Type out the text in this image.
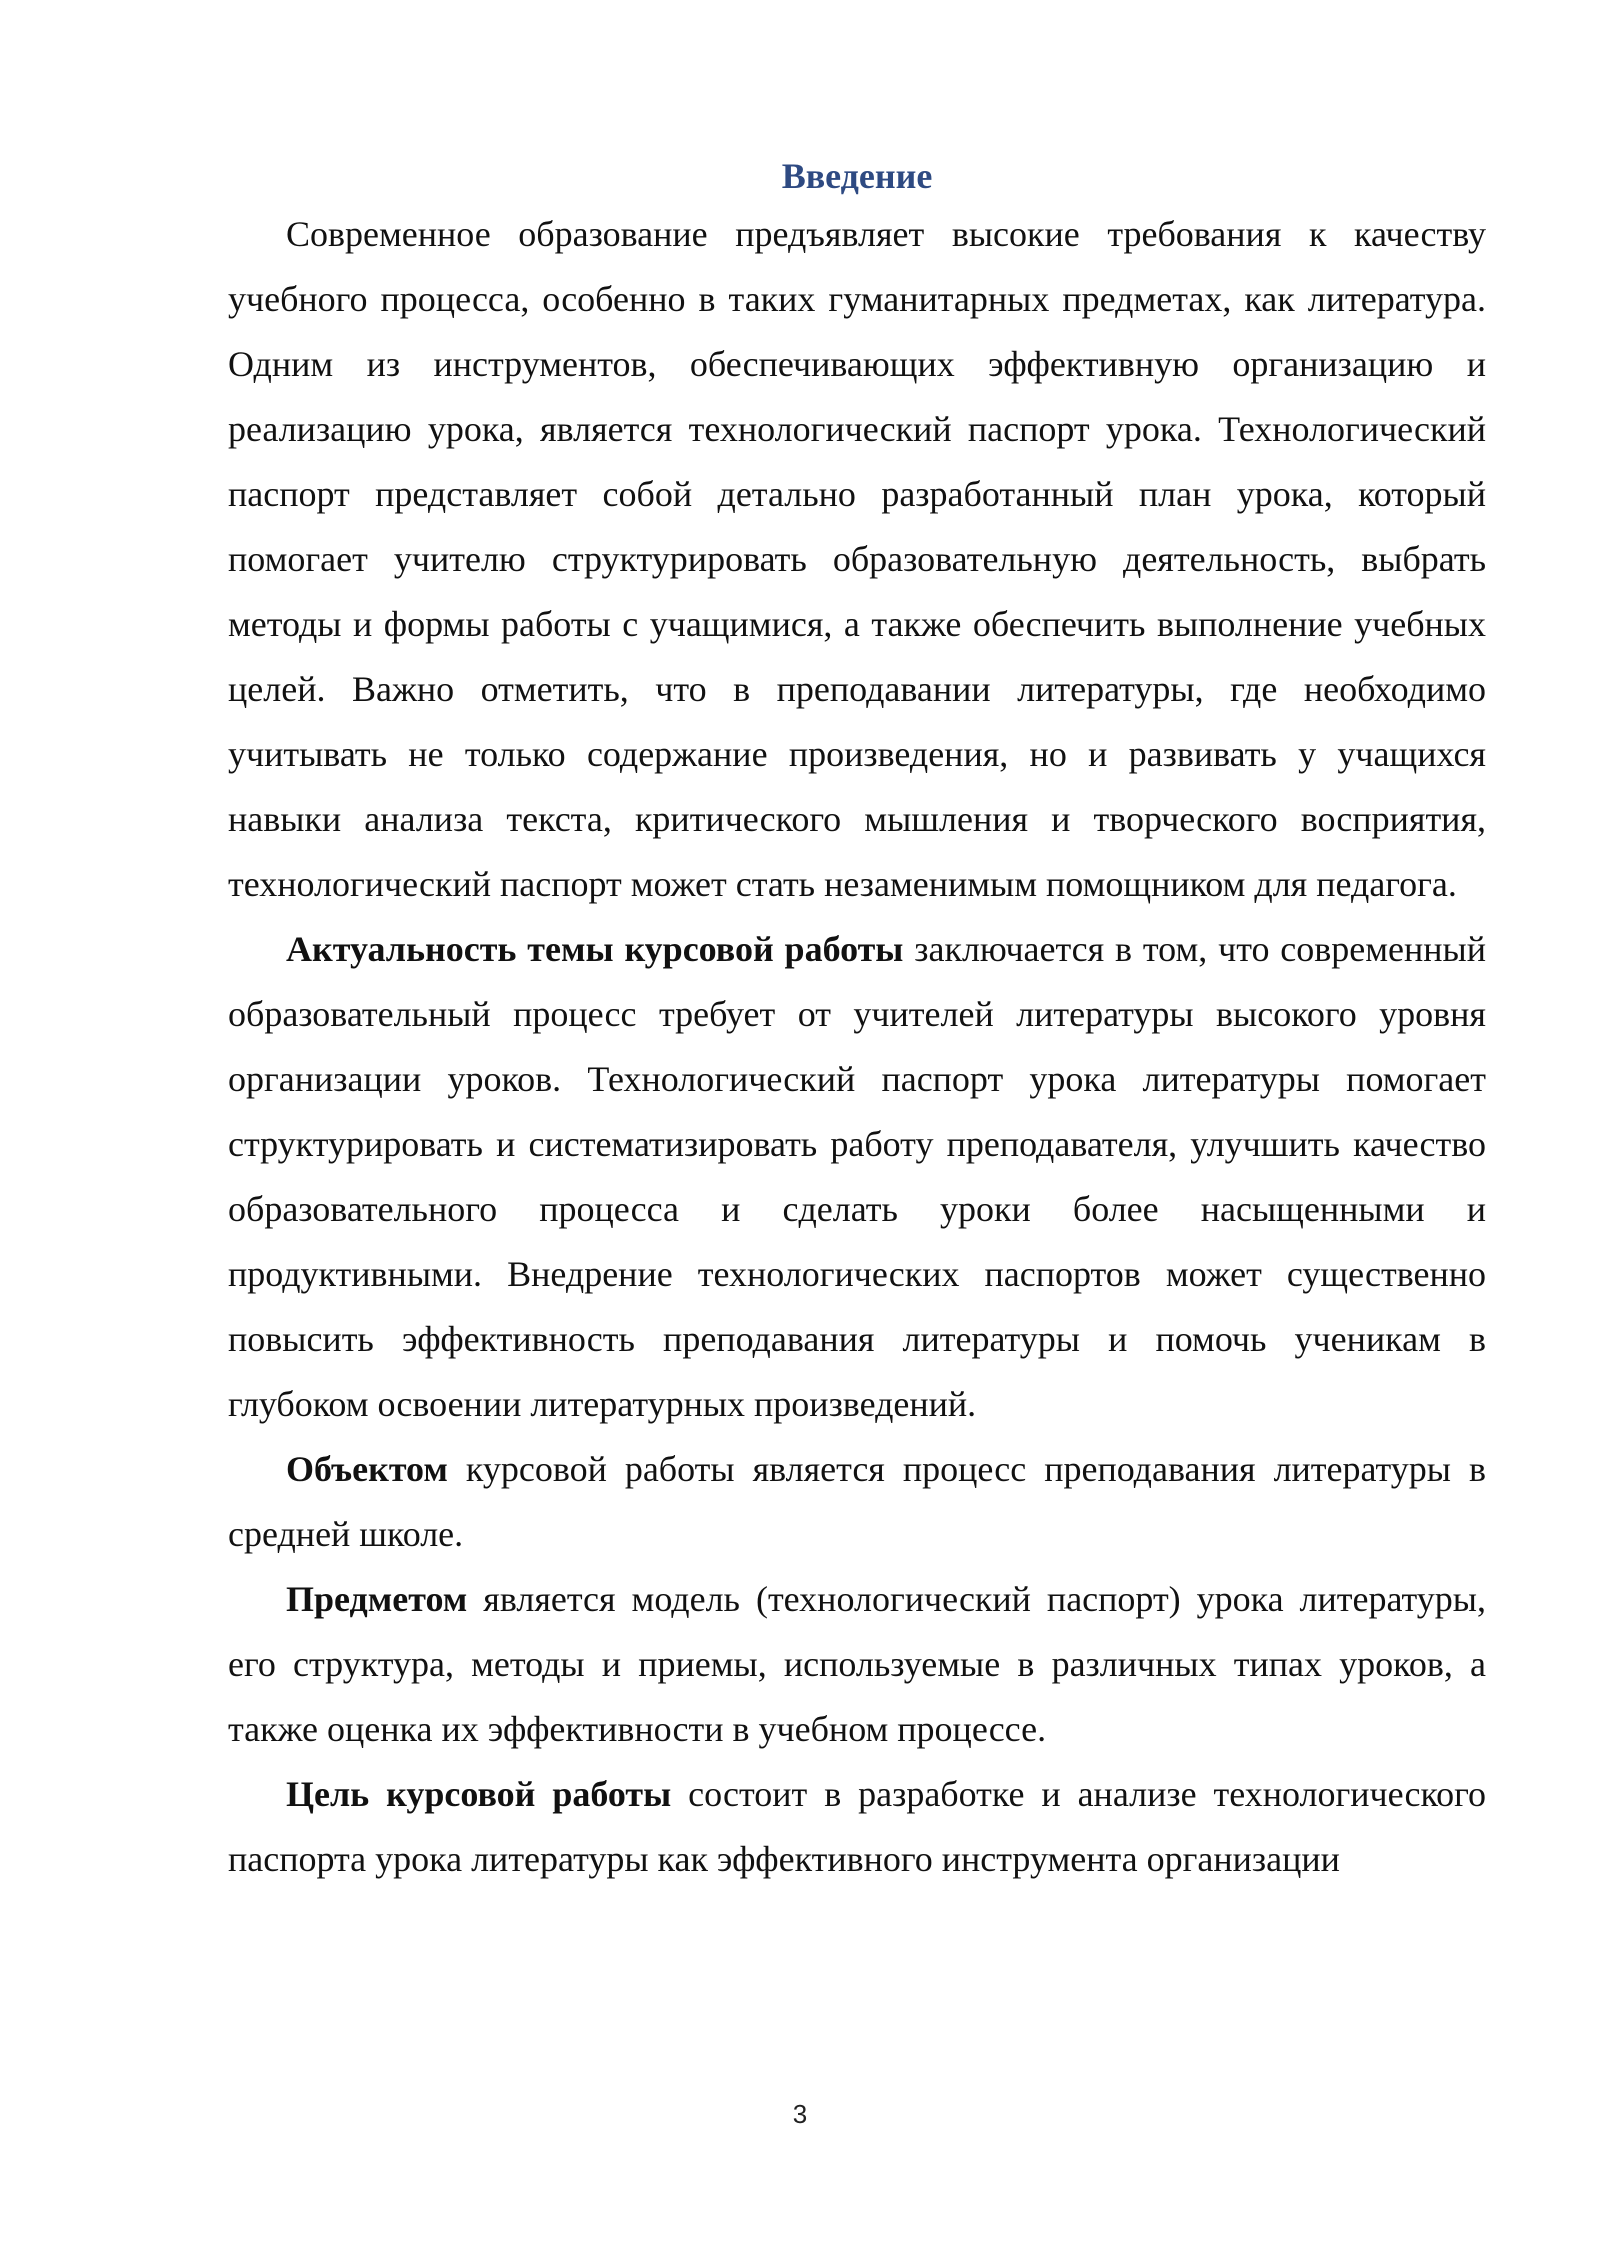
Введение

Современное образование предъявляет высокие требования к качеству учебного процесса, особенно в таких гуманитарных предметах, как литература. Одним из инструментов, обеспечивающих эффективную организацию и реализацию урока, является технологический паспорт урока. Технологический паспорт представляет собой детально разработанный план урока, который помогает учителю структурировать образовательную деятельность, выбрать методы и формы работы с учащимися, а также обеспечить выполнение учебных целей. Важно отметить, что в преподавании литературы, где необходимо учитывать не только содержание произведения, но и развивать у учащихся навыки анализа текста, критического мышления и творческого восприятия, технологический паспорт может стать незаменимым помощником для педагога.

Актуальность темы курсовой работы заключается в том, что современный образовательный процесс требует от учителей литературы высокого уровня организации уроков. Технологический паспорт урока литературы помогает структурировать и систематизировать работу преподавателя, улучшить качество образовательного процесса и сделать уроки более насыщенными и продуктивными. Внедрение технологических паспортов может существенно повысить эффективность преподавания литературы и помочь ученикам в глубоком освоении литературных произведений.

Объектом курсовой работы является процесс преподавания литературы в средней школе.

Предметом является модель (технологический паспорт) урока литературы, его структура, методы и приемы, используемые в различных типах уроков, а также оценка их эффективности в учебном процессе.

Цель курсовой работы состоит в разработке и анализе технологического паспорта урока литературы как эффективного инструмента организации

3
